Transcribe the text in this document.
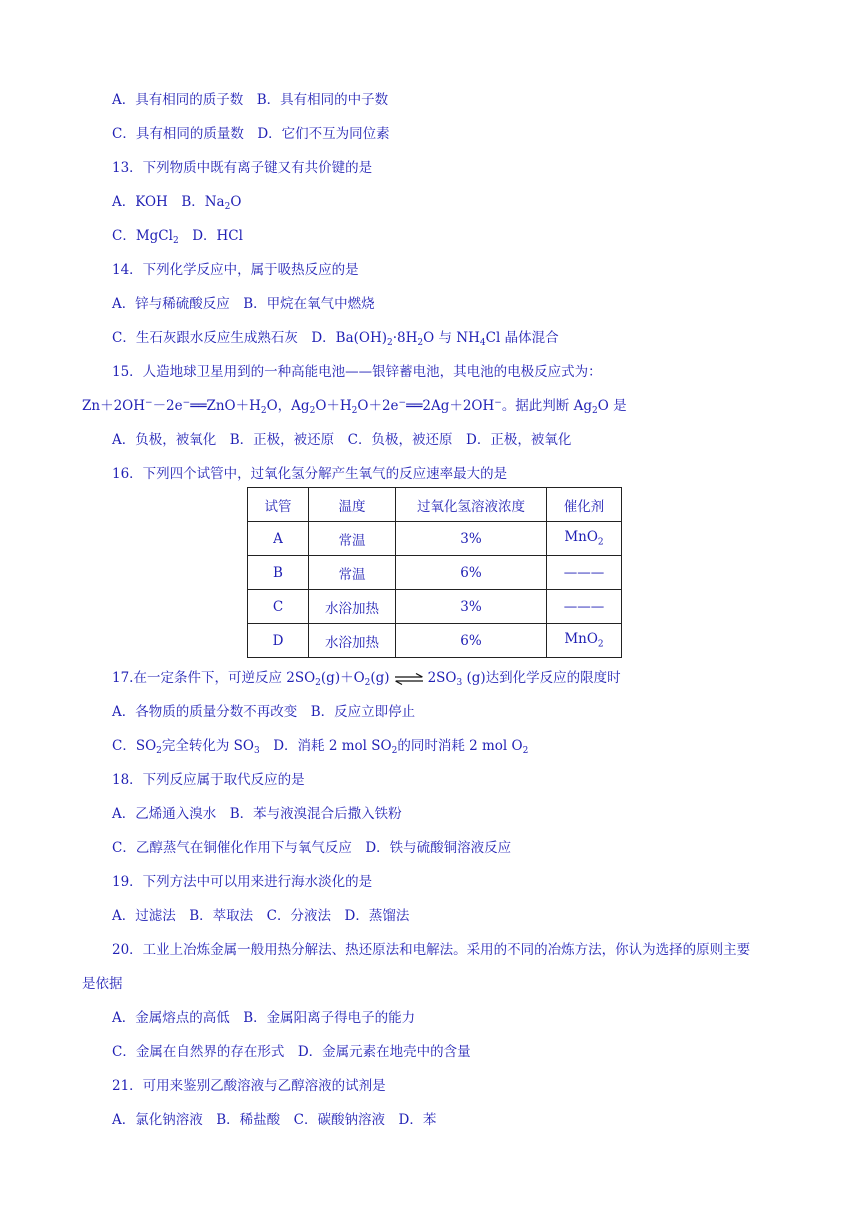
A．具有相同的质子数　 B．具有相同的中子数
C．具有相同的质量数　 D．它们不互为同位素
13．下列物质中既有离子键又有共价键的是
A．KOH　 B．$Na_2O$
C．MgCl$_2$　 D．HCl
14．下列化学反应中，属于吸热反应的是
A．锌与稀硫酸反应　 B．甲烷在氧气中燃烧
C．生石灰跟水反应生成熟石灰　 D．$Ba(OH)_2\cdot 8H_2O$ 与 $NH_4Cl$ 晶体混合
15．人造地球卫星用到的一种高能电池——银锌蓄电池，其电池的电极反应式为：
$Zn+2OH^--2e^-══ZnO+H_2O$，$Ag_2O+H_2O+2e^-══2Ag+2OH^-$。据此判断 $Ag_2O$ 是
A．负极，被氧化　B．正极，被还原　C．负极，被还原　D．正极，被氧化
16．下列四个试管中，过氧化氢分解产生氧气的反应速率最大的是
试管	温度	过氧化氢溶液浓度	催化剂
A	常温	3%	MnO$_2$
B	常温	6%	———
C	水浴加热	3%	———
D	水浴加热	6%	MnO$_2$
17.在一定条件下，可逆反应 $2SO_2(g)+O_2(g)$ ⇌ $2SO_3$ (g)达到化学反应的限度时
A．各物质的质量分数不再改变　 B．反应立即停止
C．$SO_2$完全转化为 $SO_3$　D．消耗 2 mol $SO_2$的同时消耗 2 mol $O_2$
18．下列反应属于取代反应的是
A．乙烯通入溴水　 B．苯与液溴混合后撒入铁粉
C．乙醇蒸气在铜催化作用下与氧气反应　 D．铁与硫酸铜溶液反应
19．下列方法中可以用来进行海水淡化的是
A．过滤法　B．萃取法　C．分液法　D．蒸馏法
20．工业上冶炼金属一般用热分解法、热还原法和电解法。采用的不同的冶炼方法，你认为选择的原则主要
是依据
A．金属熔点的高低　 B．金属阳离子得电子的能力
C．金属在自然界的存在形式　 D．金属元素在地壳中的含量
21．可用来鉴别乙酸溶液与乙醇溶液的试剂是
A．氯化钠溶液　B．稀盐酸　C．碳酸钠溶液　D．苯
